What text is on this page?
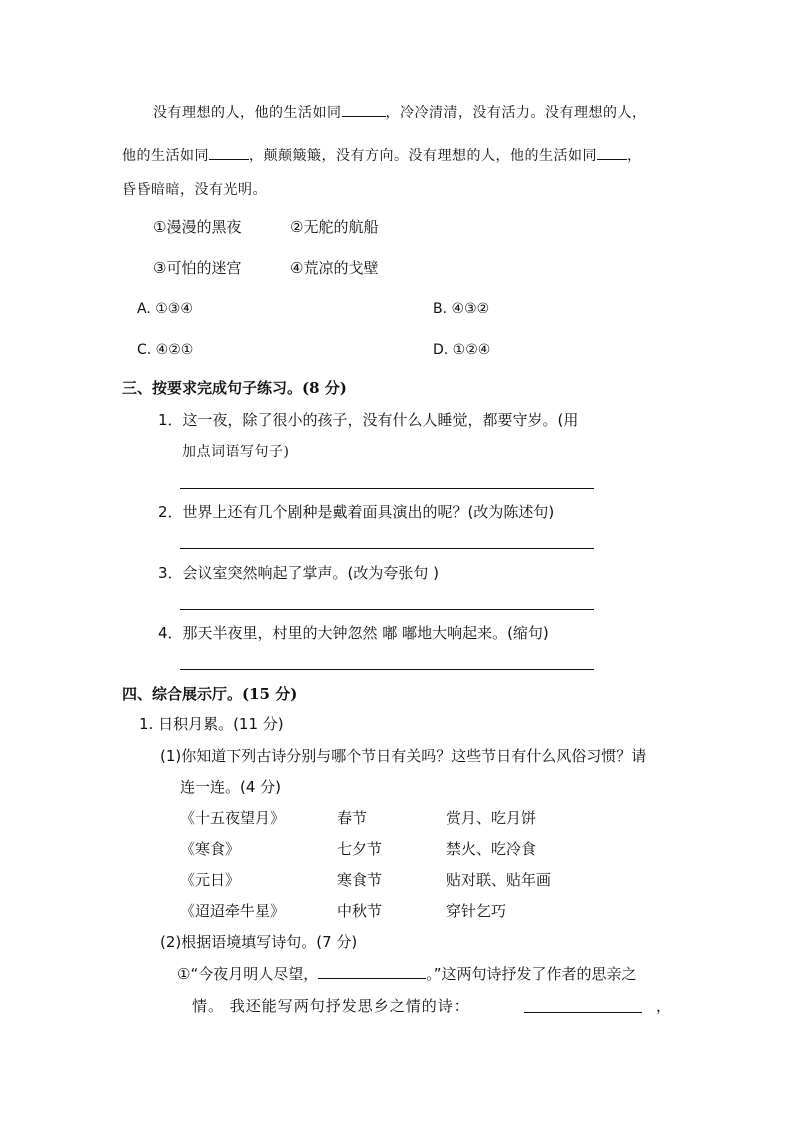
没有理想的人，他的生活如同	，冷冷清清，没有活力。没有理想的人，
他的生活如同	，颠颠簸簸，没有方向。没有理想的人，他的生活如同 ，
昏昏暗暗，没有光明。
①漫漫的黑夜	②无舵的航船
③可怕的迷宫	④荒凉的戈壁
A. ①③④	B. ④③②
C. ④②①	D. ①②④
三、按要求完成句子练习。(8 分)
1．这一夜，除了很小的孩子，没有什么人睡觉，都要守岁。(用
加点词语写句子)
2．世界上还有几个剧种是戴着面具演出的呢？(改为陈述句)
3．会议室突然响起了掌声。(改为夸张句 )
4．那天半夜里，村里的大钟忽然 嘟 嘟地大响起来。(缩句)
四、综合展示厅。(15 分)
1. 日积月累。(11 分)
(1)你知道下列古诗分别与哪个节日有关吗？这些节日有什么风俗习惯？请
连一连。(4 分)
《十五夜望月》	春节	赏月、吃月饼
《寒食》	七夕节	禁火、吃冷食
《元日》	寒食节	贴对联、贴年画
《迢迢牵牛星》	中秋节	穿针乞巧
(2)根据语境填写诗句。(7 分)
①“今夜月明人尽望，	。”这两句诗抒发了作者的思亲之
情。 我还能写两句抒发思乡之情的诗：	，
